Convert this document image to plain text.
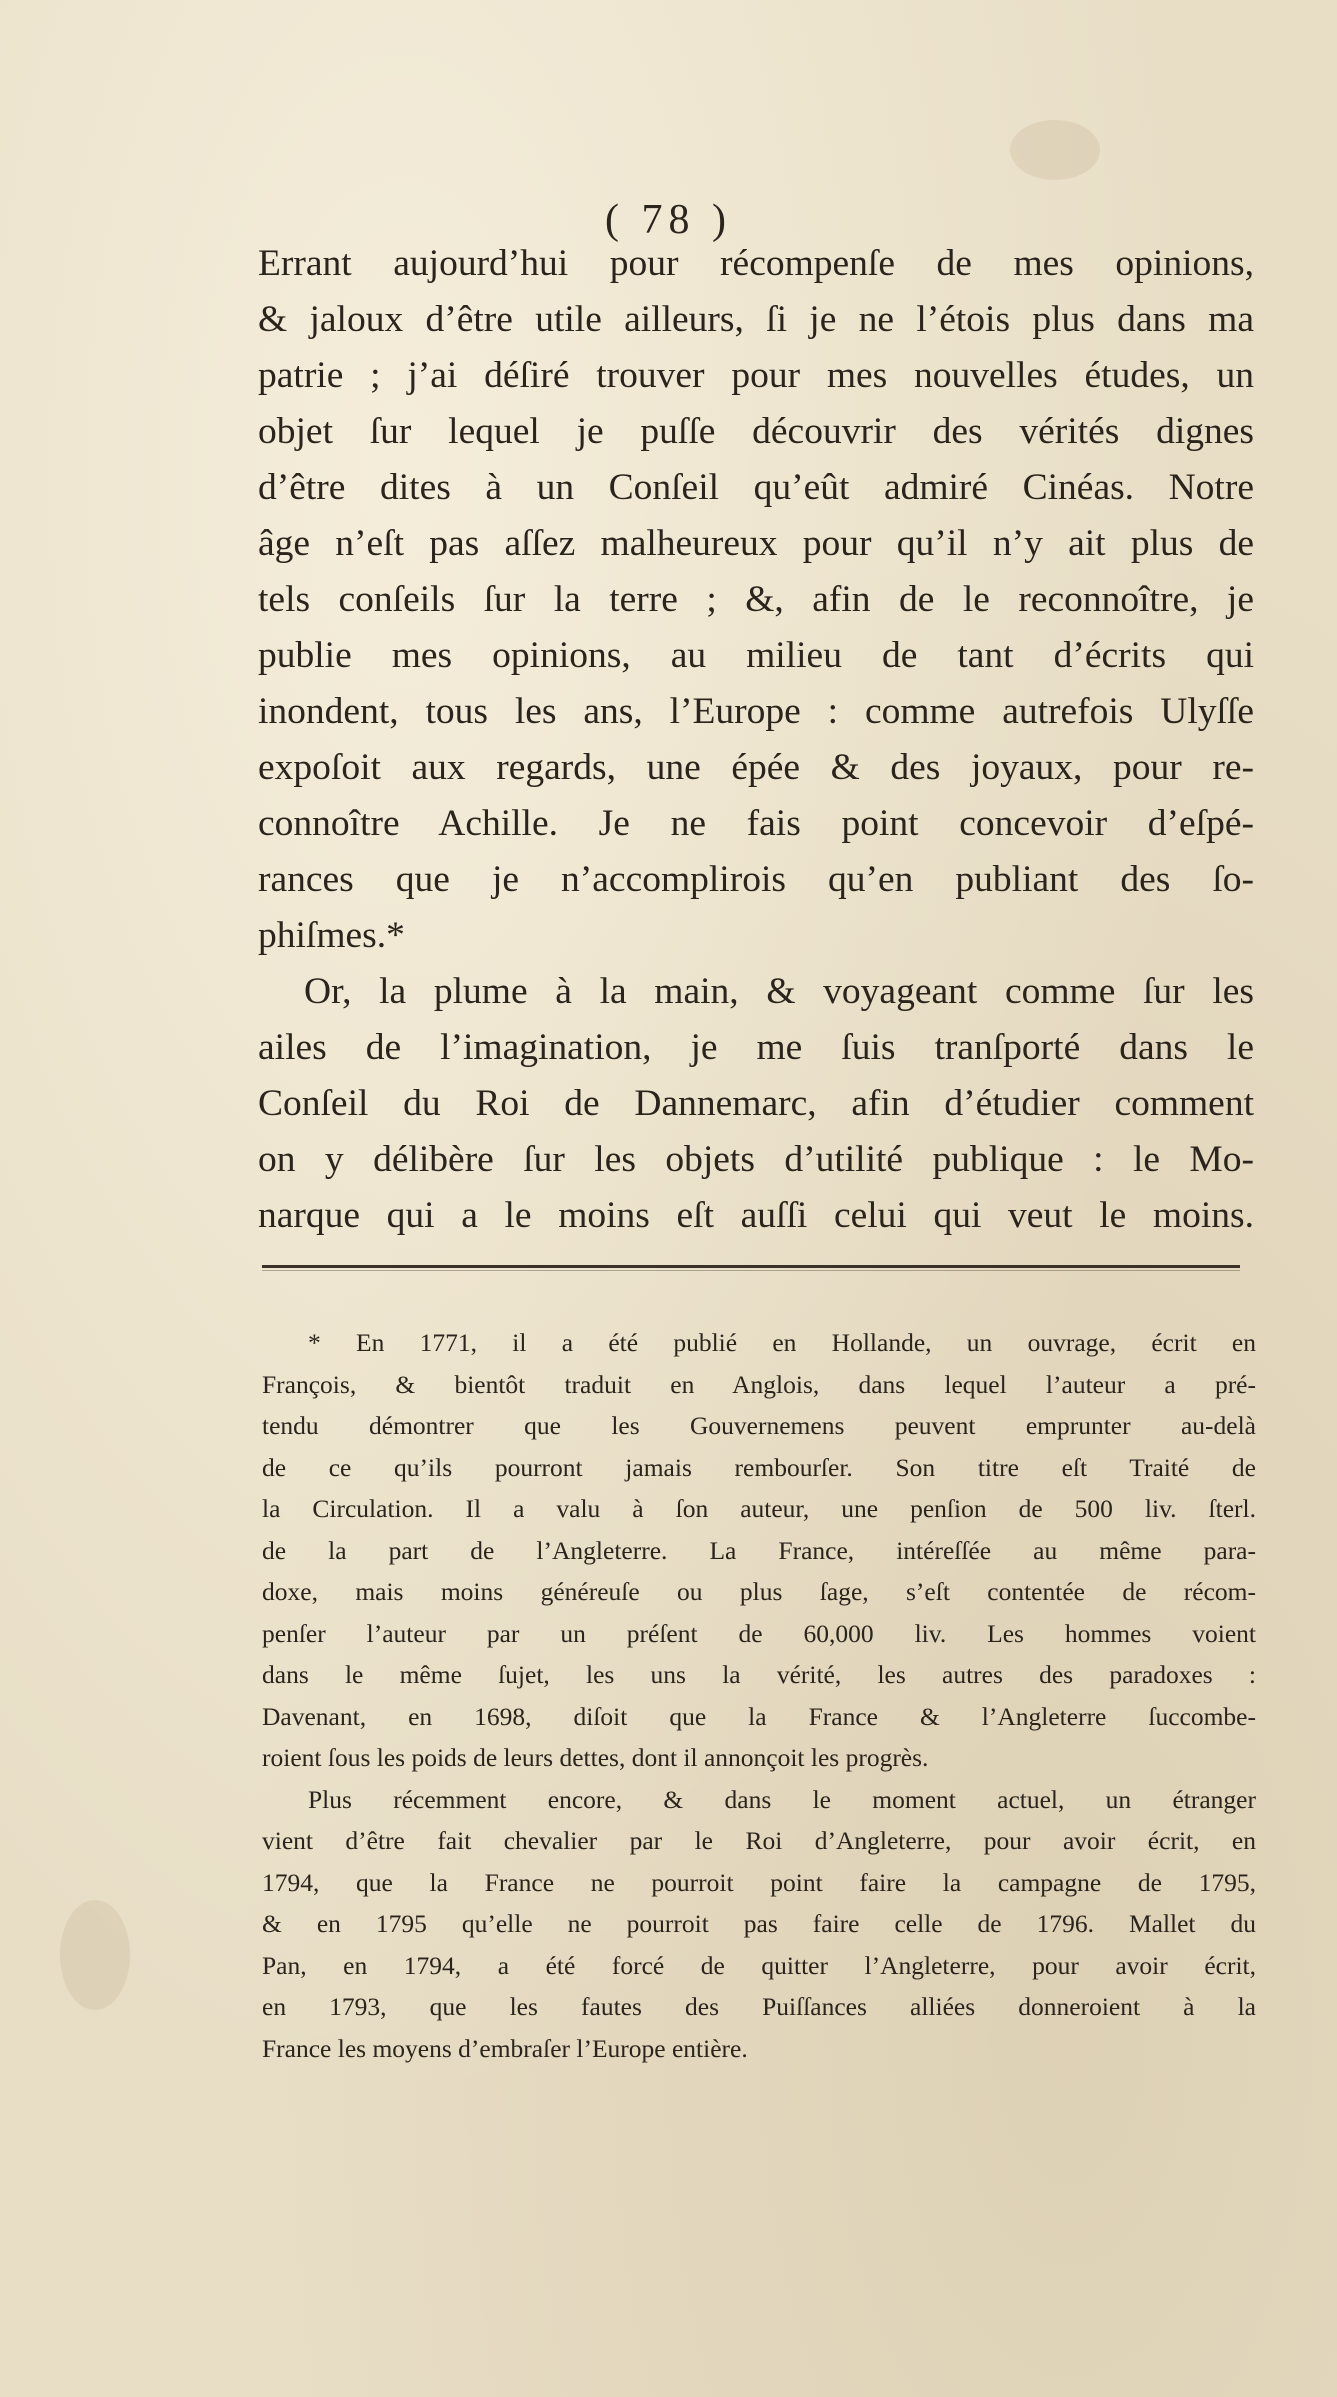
( 78 )
Errant aujourd’hui pour récompenſe de mes opinions,
& jaloux d’être utile ailleurs, ſi je ne l’étois plus dans ma
patrie ; j’ai déſiré trouver pour mes nouvelles études, un
objet ſur lequel je puſſe découvrir des vérités dignes
d’être dites à un Conſeil qu’eût admiré Cinéas. Notre
âge n’eſt pas aſſez malheureux pour qu’il n’y ait plus de
tels conſeils ſur la terre ; &, afin de le reconnoître, je
publie mes opinions, au milieu de tant d’écrits qui
inondent, tous les ans, l’Europe : comme autrefois Ulyſſe
expoſoit aux regards, une épée & des joyaux, pour re-
connoître Achille. Je ne fais point concevoir d’eſpé-
rances que je n’accomplirois qu’en publiant des ſo-
phiſmes.*
Or, la plume à la main, & voyageant comme ſur les
ailes de l’imagination, je me ſuis tranſporté dans le
Conſeil du Roi de Dannemarc, afin d’étudier comment
on y délibère ſur les objets d’utilité publique : le Mo-
narque qui a le moins eſt auſſi celui qui veut le moins.
* En 1771, il a été publié en Hollande, un ouvrage, écrit en
François, & bientôt traduit en Anglois, dans lequel l’auteur a pré-
tendu démontrer que les Gouvernemens peuvent emprunter au-delà
de ce qu’ils pourront jamais rembourſer. Son titre eſt Traité de
la Circulation. Il a valu à ſon auteur, une penſion de 500 liv. ſterl.
de la part de l’Angleterre. La France, intéreſſée au même para-
doxe, mais moins généreuſe ou plus ſage, s’eſt contentée de récom-
penſer l’auteur par un préſent de 60,000 liv. Les hommes voient
dans le même ſujet, les uns la vérité, les autres des paradoxes :
Davenant, en 1698, diſoit que la France & l’Angleterre ſuccombe-
roient ſous les poids de leurs dettes, dont il annonçoit les progrès.
Plus récemment encore, & dans le moment actuel, un étranger
vient d’être fait chevalier par le Roi d’Angleterre, pour avoir écrit, en
1794, que la France ne pourroit point faire la campagne de 1795,
& en 1795 qu’elle ne pourroit pas faire celle de 1796. Mallet du
Pan, en 1794, a été forcé de quitter l’Angleterre, pour avoir écrit,
en 1793, que les fautes des Puiſſances alliées donneroient à la
France les moyens d’embraſer l’Europe entière.
